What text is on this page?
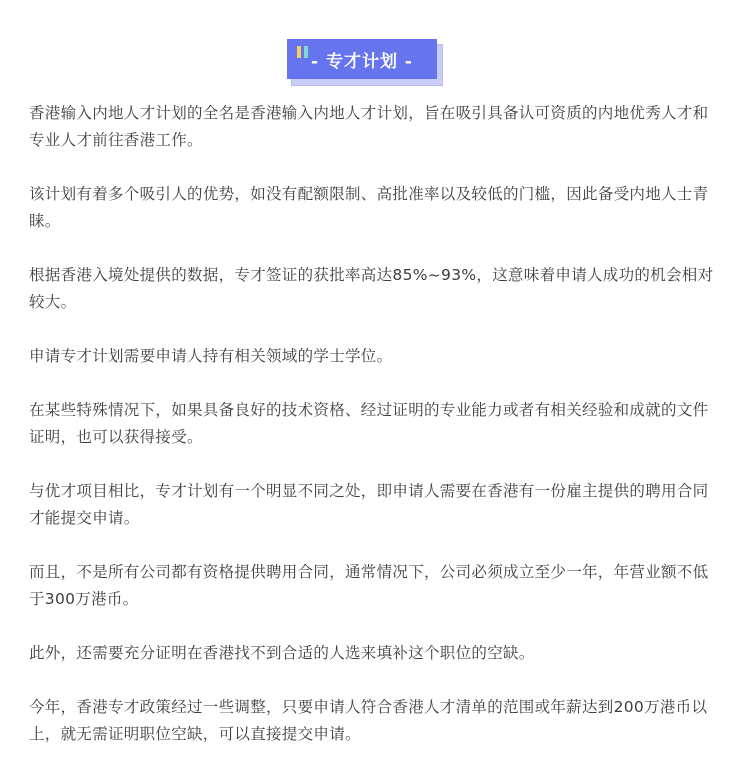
- 专才计划 -

香港输入内地人才计划的全名是香港输入内地人才计划，旨在吸引具备认可资质的内地优秀人才和专业人才前往香港工作。

该计划有着多个吸引人的优势，如没有配额限制、高批准率以及较低的门槛，因此备受内地人士青睐。

根据香港入境处提供的数据，专才签证的获批率高达85%~93%，这意味着申请人成功的机会相对较大。

申请专才计划需要申请人持有相关领域的学士学位。

在某些特殊情况下，如果具备良好的技术资格、经过证明的专业能力或者有相关经验和成就的文件证明，也可以获得接受。

与优才项目相比，专才计划有一个明显不同之处，即申请人需要在香港有一份雇主提供的聘用合同才能提交申请。

而且，不是所有公司都有资格提供聘用合同，通常情况下，公司必须成立至少一年，年营业额不低于300万港币。

此外，还需要充分证明在香港找不到合适的人选来填补这个职位的空缺。

今年，香港专才政策经过一些调整，只要申请人符合香港人才清单的范围或年薪达到200万港币以上，就无需证明职位空缺，可以直接提交申请。
